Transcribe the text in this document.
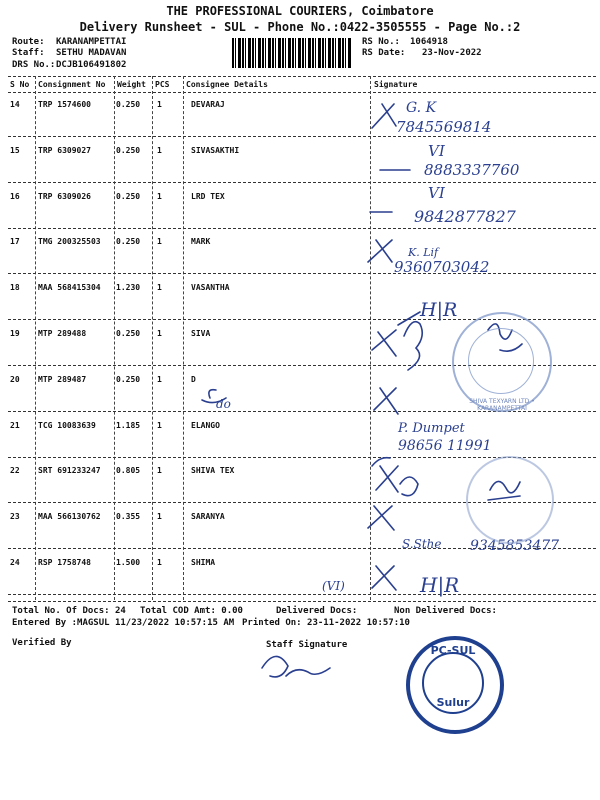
THE PROFESSIONAL COURIERS, Coimbatore
Delivery Runsheet - SUL - Phone No.:0422-3505555 - Page No.:2
Route: KARANAMPETTAI
Staff: SETHU MADAVAN
DRS No.: DCJB106491802
RS No.: 1064918
RS Date: 23-Nov-2022
S No Consignment No Weight PCS Consignee Details	Signature
14 TRP 1574600	0.250 1	DEVARAJ
15 TRP 6309027	0.250 1	SIVASAKTHI
16 TRP 6309026	0.250 1	LRD TEX
17 TMG 200325503 0.250 1	MARK
18 MAA 568415304 1.230 1	VASANTHA
19 MTP 289488	0.250 1	SIVA
20 MTP 289487	0.250 1	D
21 TCG 10083639	1.185 1	ELANGO
22 SRT 691233247 0.805 1	SHIVA TEX
23 MAA 566130762 0.355 1	SARANYA
24 RSP 1758748	1.500 1	SHIMA
G. K
7845569814
VI
8883337760
VI
9842877827
K. Lif
9360703042
H|R
P. Dumpet
98656 11991
S.Sthe 9345853477
(VI)	H|R
do	SHIVA TEXYARN LTD • KARANAMPETTAI
Total No. Of Docs: 24 Total COD Amt: 0.00	Delivered Docs:	Non Delivered Docs:
Entered By :MAGSUL 11/23/2022 10:57:15 AM Printed On: 23-11-2022 10:57:10
Verified By	Staff Signature	PC-SUL
Sulur
